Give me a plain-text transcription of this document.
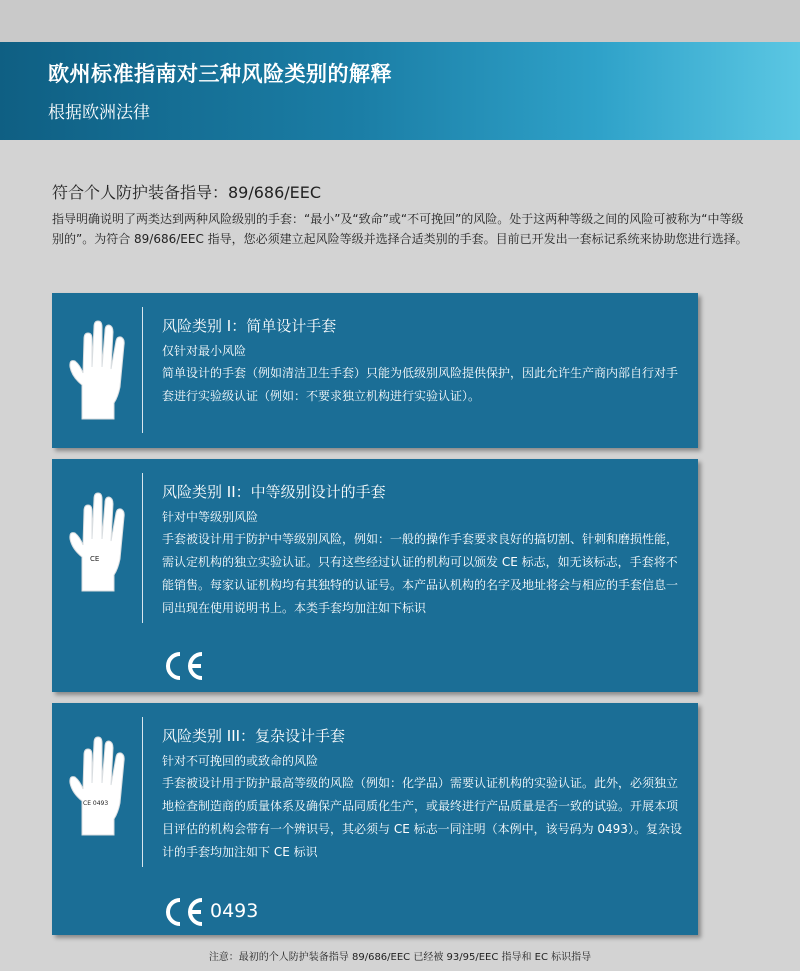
欧州标准指南对三种风险类别的解释
根据欧洲法律

符合个人防护装备指导：89/686/EEC

指导明确说明了两类达到两种风险级别的手套：“最小”及“致命”或“不可挽回”的风险。处于这两种等级之间的风险可被称为“中等级别的”。为符合 89/686/EEC 指导，您必须建立起风险等级并选择合适类别的手套。目前已开发出一套标记系统来协助您进行选择。

风险类别 I：简单设计手套

仅针对最小风险

简单设计的手套（例如清洁卫生手套）只能为低级别风险提供保护，因此允许生产商内部自行对手套进行实验级认证（例如：不要求独立机构进行实验认证）。

CE

风险类别 II：中等级别设计的手套

针对中等级别风险

手套被设计用于防护中等级别风险，例如：一般的操作手套要求良好的搞切割、针刺和磨损性能，需认定机构的独立实验认证。只有这些经过认证的机构可以颁发 CE 标志，如无该标志，手套将不能销售。每家认证机构均有其独特的认证号。本产品认机构的名字及地址将会与相应的手套信息一同出现在使用说明书上。本类手套均加注如下标识

CE 0493

风险类别 III：复杂设计手套

针对不可挽回的或致命的风险

手套被设计用于防护最高等级的风险（例如：化学品）需要认证机构的实验认证。此外，必须独立地检查制造商的质量体系及确保产品同质化生产，或最终进行产品质量是否一致的试验。开展本项目评估的机构会带有一个辨识号，其必须与 CE 标志一同注明（本例中，该号码为 0493）。复杂设计的手套均加注如下 CE 标识

0493
注意：最初的个人防护装备指导 89/686/EEC 已经被 93/95/EEC 指导和 EC 标识指导
